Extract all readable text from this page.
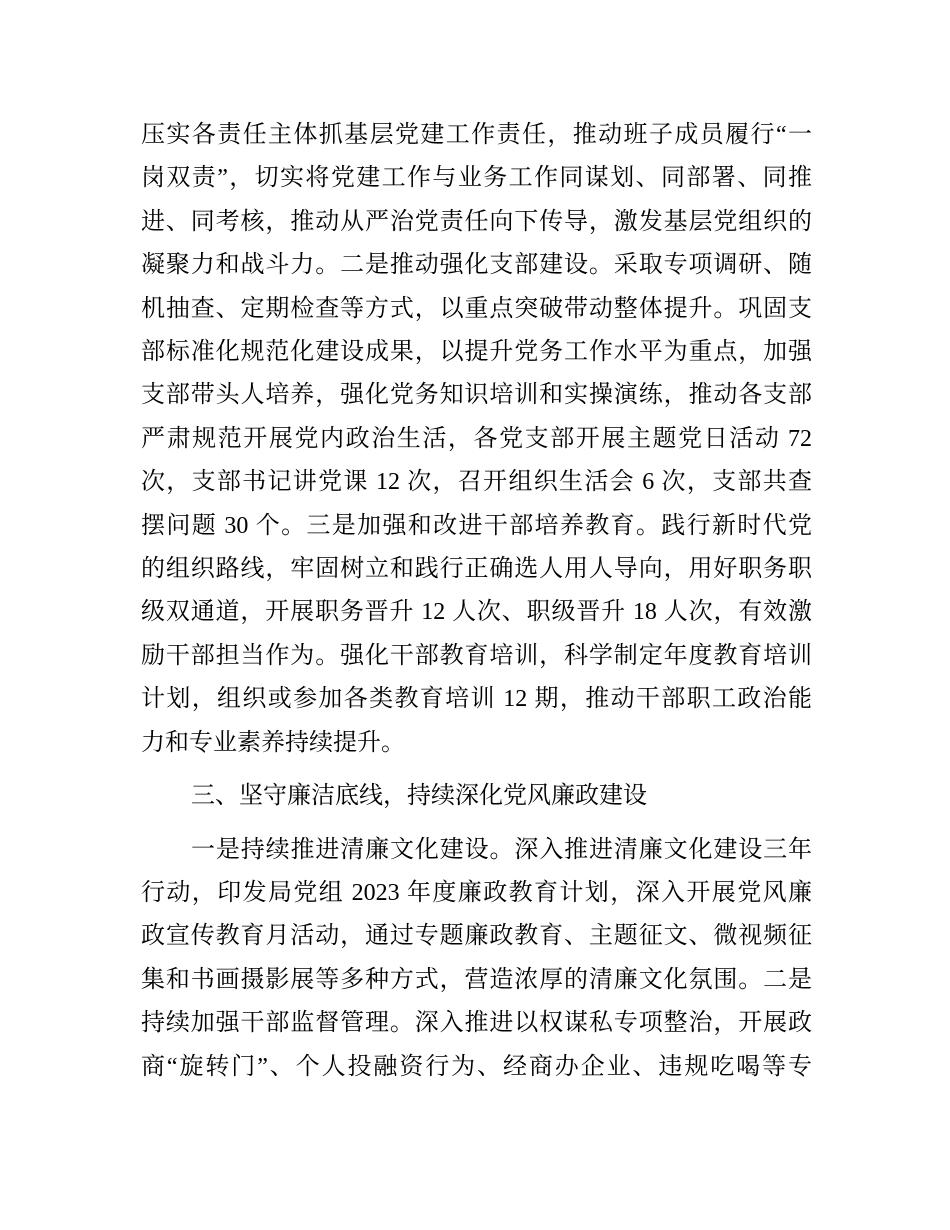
压实各责任主体抓基层党建工作责任，推动班子成员履行“一
岗双责”，切实将党建工作与业务工作同谋划、同部署、同推
进、同考核，推动从严治党责任向下传导，激发基层党组织的
凝聚力和战斗力。二是推动强化支部建设。采取专项调研、随
机抽查、定期检查等方式，以重点突破带动整体提升。巩固支
部标准化规范化建设成果，以提升党务工作水平为重点，加强
支部带头人培养，强化党务知识培训和实操演练，推动各支部
严肃规范开展党内政治生活，各党支部开展主题党日活动 72
次，支部书记讲党课 12 次，召开组织生活会 6 次，支部共查
摆问题 30 个。三是加强和改进干部培养教育。践行新时代党
的组织路线，牢固树立和践行正确选人用人导向，用好职务职
级双通道，开展职务晋升 12 人次、职级晋升 18 人次，有效激
励干部担当作为。强化干部教育培训，科学制定年度教育培训
计划，组织或参加各类教育培训 12 期，推动干部职工政治能
力和专业素养持续提升。
三、坚守廉洁底线，持续深化党风廉政建设
一是持续推进清廉文化建设。深入推进清廉文化建设三年
行动，印发局党组 2023 年度廉政教育计划，深入开展党风廉
政宣传教育月活动，通过专题廉政教育、主题征文、微视频征
集和书画摄影展等多种方式，营造浓厚的清廉文化氛围。二是
持续加强干部监督管理。深入推进以权谋私专项整治，开展政
商“旋转门”、个人投融资行为、经商办企业、违规吃喝等专
